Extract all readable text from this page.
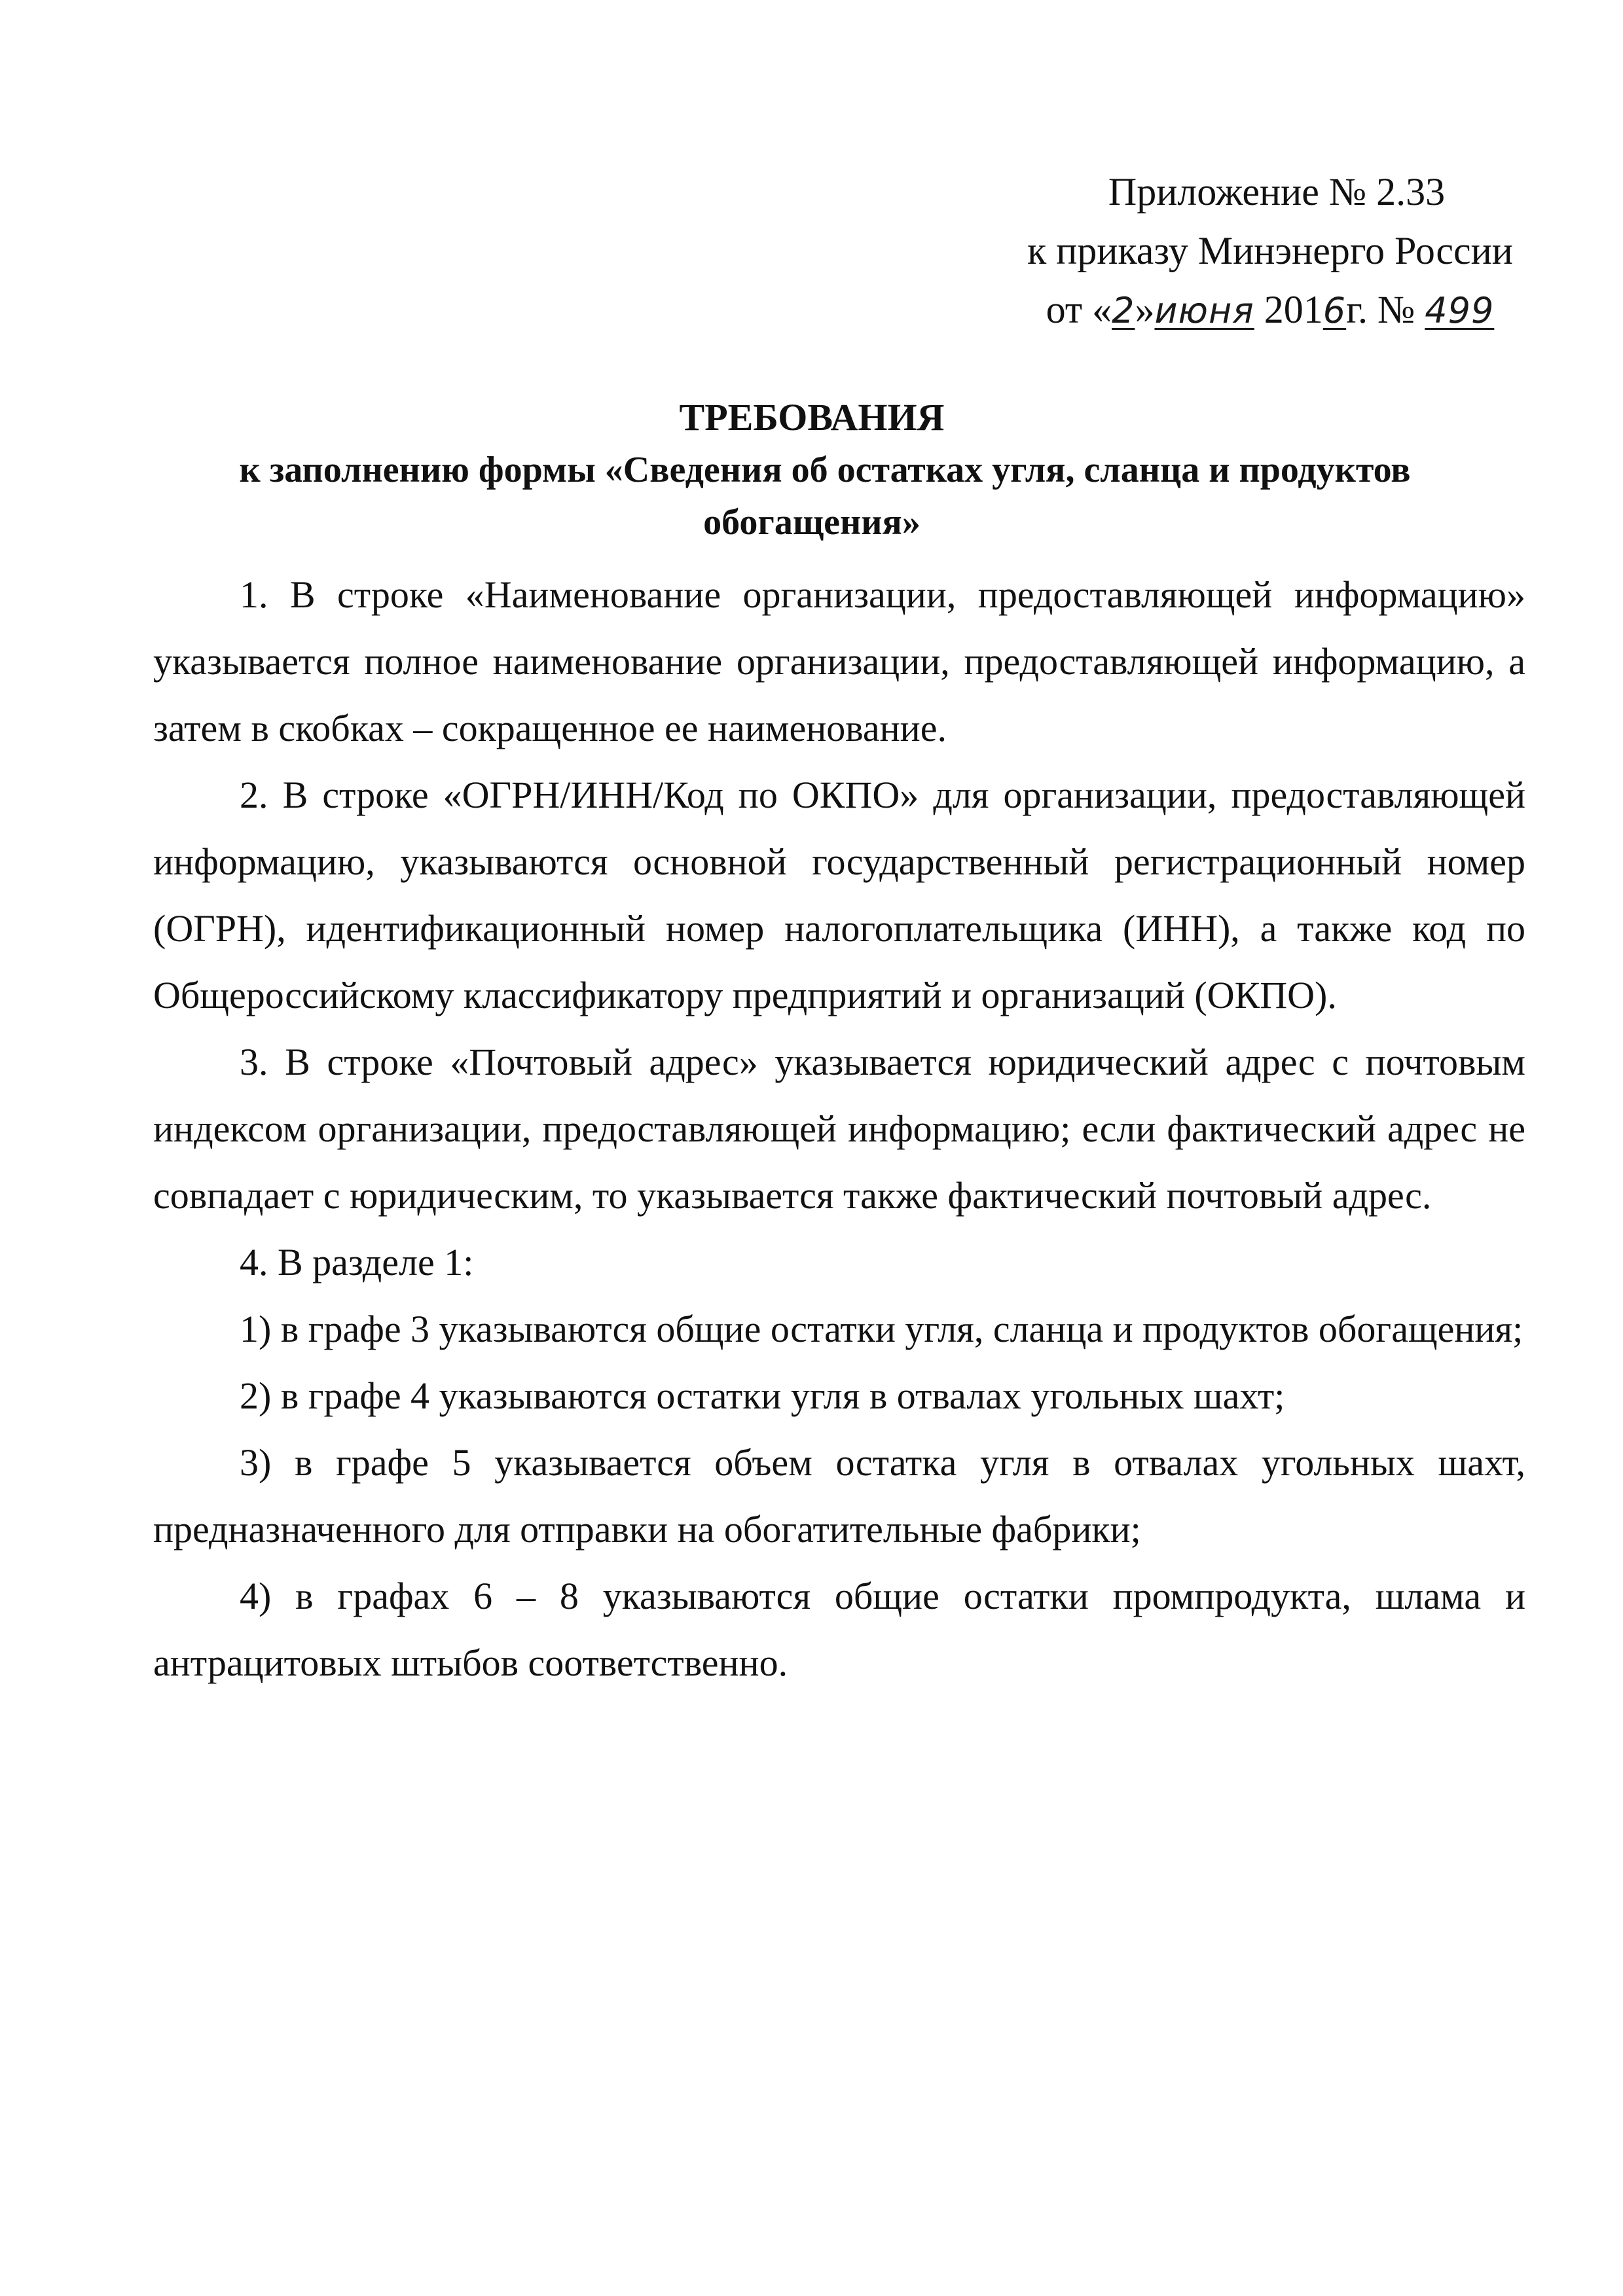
Приложение № 2.33
к приказу Минэнерго России
от «2»июня 2016г. № 499
ТРЕБОВАНИЯ
к заполнению формы «Сведения об остатках угля, сланца и продуктов
обогащения»

1. В строке «Наименование организации, предоставляющей информацию» указывается полное наименование организации, предоставляющей информацию, а затем в скобках – сокращенное ее наименование.

2. В строке «ОГРН/ИНН/Код по ОКПО» для организации, предоставляющей информацию, указываются основной государственный регистрационный номер (ОГРН), идентификационный номер налогоплательщика (ИНН), а также код по Общероссийскому классификатору предприятий и организаций (ОКПО).

3. В строке «Почтовый адрес» указывается юридический адрес с почтовым индексом организации, предоставляющей информацию; если фактический адрес не совпадает с юридическим, то указывается также фактический почтовый адрес.

4. В разделе 1:

1) в графе 3 указываются общие остатки угля, сланца и продуктов обогащения;

2) в графе 4 указываются остатки угля в отвалах угольных шахт;

3) в графе 5 указывается объем остатка угля в отвалах угольных шахт, предназначенного для отправки на обогатительные фабрики;

4) в графах 6 – 8 указываются общие остатки промпродукта, шлама и антрацитовых штыбов соответственно.
